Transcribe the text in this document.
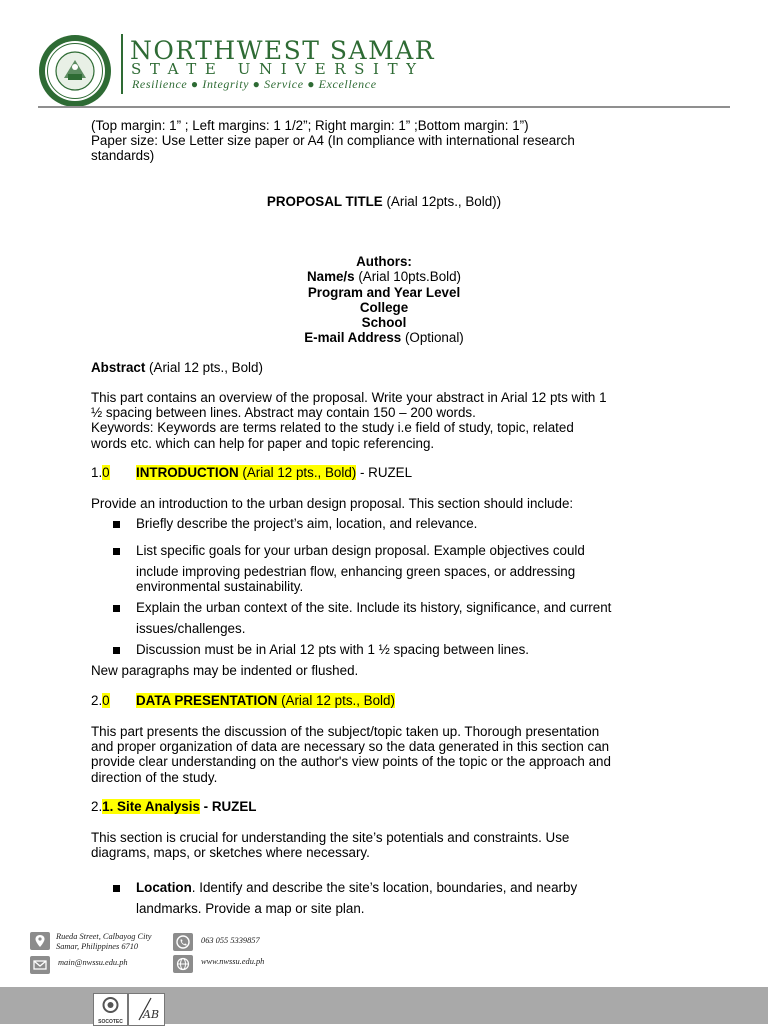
NORTHWEST SAMAR
STATE UNIVERSITY
Resilience ● Integrity ● Service ● Excellence
(Top margin: 1” ; Left margins: 1 1/2”; Right margin: 1” ;Bottom margin: 1”)
Paper size: Use Letter size paper or A4 (In compliance with international research
standards)
PROPOSAL TITLE (Arial 12pts., Bold))
Authors:
Name/s (Arial 10pts.Bold)
Program and Year Level
College
School
E-mail Address (Optional)
Abstract (Arial 12 pts., Bold)
This part contains an overview of the proposal. Write your abstract in Arial 12 pts with 1
½ spacing between lines. Abstract may contain 150 – 200 words.
Keywords: Keywords are terms related to the study i.e field of study, topic, related
words etc. which can help for paper and topic referencing.
1.0 INTRODUCTION (Arial 12 pts., Bold) - RUZEL
Provide an introduction to the urban design proposal. This section should include:
Briefly describe the project’s aim, location, and relevance.
List specific goals for your urban design proposal. Example objectives could
include improving pedestrian flow, enhancing green spaces, or addressing
environmental sustainability.
Explain the urban context of the site. Include its history, significance, and current
issues/challenges.
Discussion must be in Arial 12 pts with 1 ½ spacing between lines.
New paragraphs may be indented or flushed.
2.0 DATA PRESENTATION (Arial 12 pts., Bold)
This part presents the discussion of the subject/topic taken up. Thorough presentation
and proper organization of data are necessary so the data generated in this section can
provide clear understanding on the author's view points of the topic or the approach and
direction of the study.
2.1. Site Analysis - RUZEL
This section is crucial for understanding the site’s potentials and constraints. Use
diagrams, maps, or sketches where necessary.
Location. Identify and describe the site’s location, boundaries, and nearby
landmarks. Provide a map or site plan.
Rueda Street, Calbayog City
Samar, Philippines 6710
063 055 5339857
main@nwssu.edu.ph	www.nwssu.edu.ph
SOCOTEC
AB
